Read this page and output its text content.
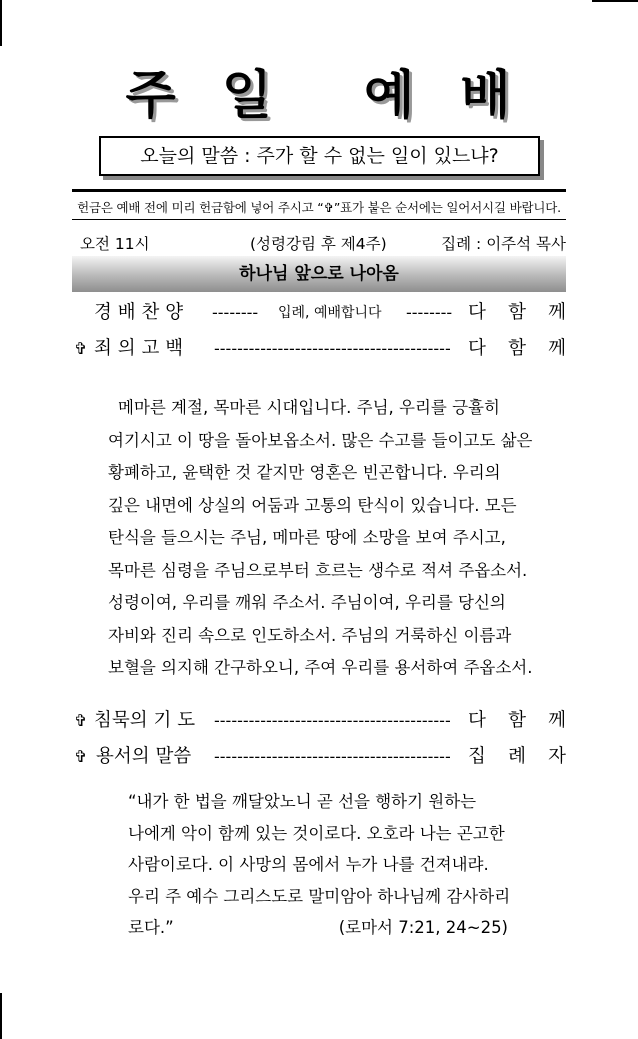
주 일 예 배
오늘의 말씀 : 주가 할 수 없는 일이 있느냐?
헌금은 예배 전에 미리 헌금함에 넣어 주시고 “✞”표가 붙은 순서에는 일어서시길 바랍니다.
오전 11시	(성령강림 후 제4주)	집례 : 이주석 목사
하나님 앞으로 나아옴
경 배 찬 양 -------- 입례, 예배합니다 -------- 다 함 께
✞ 죄 의 고 백 ----------------------------------------- 다 함 께
메마른 계절, 목마른 시대입니다. 주님, 우리를 긍휼히
여기시고 이 땅을 돌아보옵소서. 많은 수고를 들이고도 삶은
황폐하고, 윤택한 것 같지만 영혼은 빈곤합니다. 우리의
깊은 내면에 상실의 어둠과 고통의 탄식이 있습니다. 모든
탄식을 들으시는 주님, 메마른 땅에 소망을 보여 주시고,
목마른 심령을 주님으로부터 흐르는 생수로 적셔 주옵소서.
성령이여, 우리를 깨워 주소서. 주님이여, 우리를 당신의
자비와 진리 속으로 인도하소서. 주님의 거룩하신 이름과
보혈을 의지해 간구하오니, 주여 우리를 용서하여 주옵소서.
✞ 침묵의 기 도 ----------------------------------------- 다 함 께
✞ 용서의 말씀 ----------------------------------------- 집 례 자
“내가 한 법을 깨달았노니 곧 선을 행하기 원하는
나에게 악이 함께 있는 것이로다. 오호라 나는 곤고한
사람이로다. 이 사망의 몸에서 누가 나를 건져내랴.
우리 주 예수 그리스도로 말미암아 하나님께 감사하리
로다.”	(로마서 7:21, 24~25)
